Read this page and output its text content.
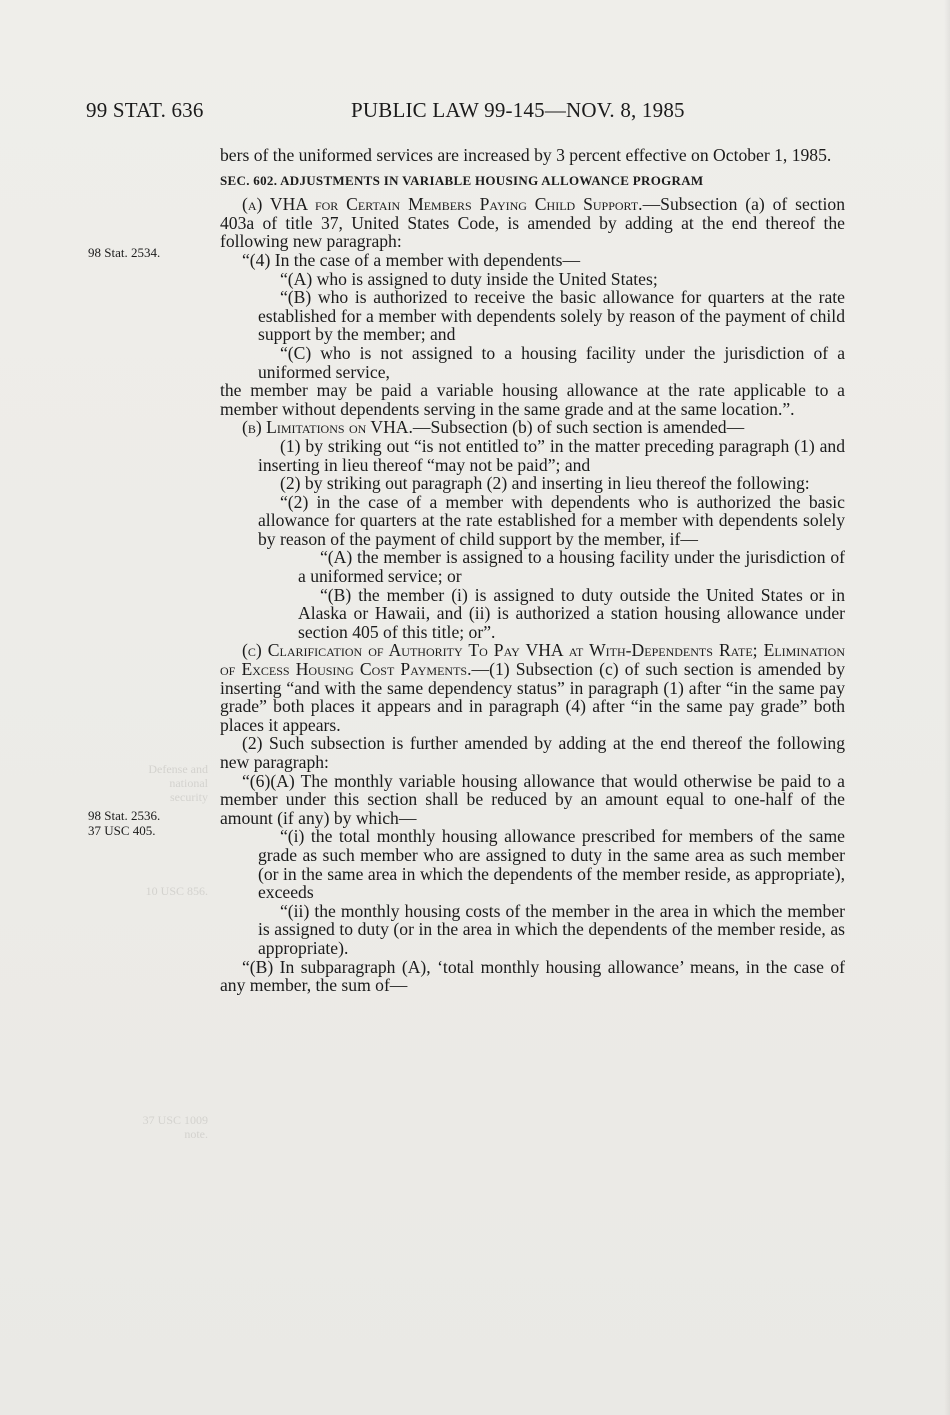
99 STAT. 636	PUBLIC LAW 99-145—NOV. 8, 1985
Defense and
national
security
10 USC 856.
37 USC 1009
note.
98 Stat. 2534.
98 Stat. 2536.
37 USC 405.

bers of the uniformed services are increased by 3 percent effective on October 1, 1985.

SEC. 602. ADJUSTMENTS IN VARIABLE HOUSING ALLOWANCE PROGRAM

(a) VHA for Certain Members Paying Child Support.—Subsection (a) of section 403a of title 37, United States Code, is amended by adding at the end thereof the following new paragraph:

“(4) In the case of a member with dependents—

“(A) who is assigned to duty inside the United States;

“(B) who is authorized to receive the basic allowance for quarters at the rate established for a member with dependents solely by reason of the payment of child support by the member; and

“(C) who is not assigned to a housing facility under the jurisdiction of a uniformed service,

the member may be paid a variable housing allowance at the rate applicable to a member without dependents serving in the same grade and at the same location.”.

(b) Limitations on VHA.—Subsection (b) of such section is amended—

(1) by striking out “is not entitled to” in the matter preceding paragraph (1) and inserting in lieu thereof “may not be paid”; and

(2) by striking out paragraph (2) and inserting in lieu thereof the following:

“(2) in the case of a member with dependents who is authorized the basic allowance for quarters at the rate established for a member with dependents solely by reason of the payment of child support by the member, if—

“(A) the member is assigned to a housing facility under the jurisdiction of a uniformed service; or

“(B) the member (i) is assigned to duty outside the United States or in Alaska or Hawaii, and (ii) is authorized a station housing allowance under section 405 of this title; or”.

(c) Clarification of Authority To Pay VHA at With-Dependents Rate; Elimination of Excess Housing Cost Payments.—(1) Subsection (c) of such section is amended by inserting “and with the same dependency status” in paragraph (1) after “in the same pay grade” both places it appears and in paragraph (4) after “in the same pay grade” both places it appears.

(2) Such subsection is further amended by adding at the end thereof the following new paragraph:

“(6)(A) The monthly variable housing allowance that would otherwise be paid to a member under this section shall be reduced by an amount equal to one-half of the amount (if any) by which—

“(i) the total monthly housing allowance prescribed for members of the same grade as such member who are assigned to duty in the same area as such member (or in the same area in which the dependents of the member reside, as appropriate), exceeds

“(ii) the monthly housing costs of the member in the area in which the member is assigned to duty (or in the area in which the dependents of the member reside, as appropriate).

“(B) In subparagraph (A), ‘total monthly housing allowance’ means, in the case of any member, the sum of—
